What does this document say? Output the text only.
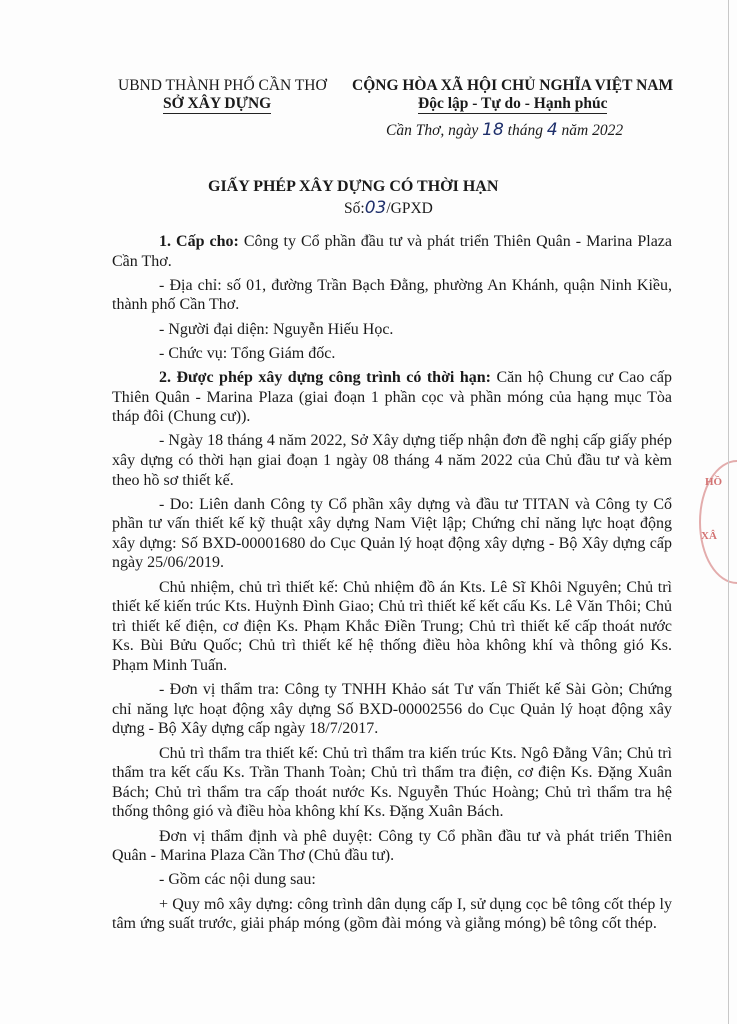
UBND THÀNH PHỐ CẦN THƠ
SỞ XÂY DỰNG
CỘNG HÒA XÃ HỘI CHỦ NGHĨA VIỆT NAM
Độc lập - Tự do - Hạnh phúc
Cần Thơ, ngày 18 tháng 4 năm 2022
GIẤY PHÉP XÂY DỰNG CÓ THỜI HẠN
Số:03/GPXD

1. Cấp cho: Công ty Cổ phần đầu tư và phát triển Thiên Quân - Marina Plaza Cần Thơ.

- Địa chỉ: số 01, đường Trần Bạch Đằng, phường An Khánh, quận Ninh Kiều, thành phố Cần Thơ.

- Người đại diện: Nguyễn Hiếu Học.

- Chức vụ: Tổng Giám đốc.

2. Được phép xây dựng công trình có thời hạn: Căn hộ Chung cư Cao cấp Thiên Quân - Marina Plaza (giai đoạn 1 phần cọc và phần móng của hạng mục Tòa tháp đôi (Chung cư)).

- Ngày 18 tháng 4 năm 2022, Sở Xây dựng tiếp nhận đơn đề nghị cấp giấy phép xây dựng có thời hạn giai đoạn 1 ngày 08 tháng 4 năm 2022 của Chủ đầu tư và kèm theo hồ sơ thiết kế.

- Do: Liên danh Công ty Cổ phần xây dựng và đầu tư TITAN và Công ty Cổ phần tư vấn thiết kế kỹ thuật xây dựng Nam Việt lập; Chứng chỉ năng lực hoạt động xây dựng: Số BXD-00001680 do Cục Quản lý hoạt động xây dựng - Bộ Xây dựng cấp ngày 25/06/2019.

Chủ nhiệm, chủ trì thiết kế: Chủ nhiệm đồ án Kts. Lê Sĩ Khôi Nguyên; Chủ trì thiết kế kiến trúc Kts. Huỳnh Đình Giao; Chủ trì thiết kế kết cấu Ks. Lê Văn Thôi; Chủ trì thiết kế điện, cơ điện Ks. Phạm Khắc Điền Trung; Chủ trì thiết kế cấp thoát nước Ks. Bùi Bửu Quốc; Chủ trì thiết kế hệ thống điều hòa không khí và thông gió Ks. Phạm Minh Tuấn.

- Đơn vị thẩm tra: Công ty TNHH Khảo sát Tư vấn Thiết kế Sài Gòn; Chứng chỉ năng lực hoạt động xây dựng Số BXD-00002556 do Cục Quản lý hoạt động xây dựng - Bộ Xây dựng cấp ngày 18/7/2017.

Chủ trì thẩm tra thiết kế: Chủ trì thẩm tra kiến trúc Kts. Ngô Đằng Vân; Chủ trì thẩm tra kết cấu Ks. Trần Thanh Toàn; Chủ trì thẩm tra điện, cơ điện Ks. Đặng Xuân Bách; Chủ trì thẩm tra cấp thoát nước Ks. Nguyễn Thúc Hoàng; Chủ trì thẩm tra hệ thống thông gió và điều hòa không khí Ks. Đặng Xuân Bách.

Đơn vị thẩm định và phê duyệt: Công ty Cổ phần đầu tư và phát triển Thiên Quân - Marina Plaza Cần Thơ (Chủ đầu tư).

- Gồm các nội dung sau:

+ Quy mô xây dựng: công trình dân dụng cấp I, sử dụng cọc bê tông cốt thép ly tâm ứng suất trước, giải pháp móng (gồm đài móng và giằng móng) bê tông cốt thép.

HỒ
XÂ
